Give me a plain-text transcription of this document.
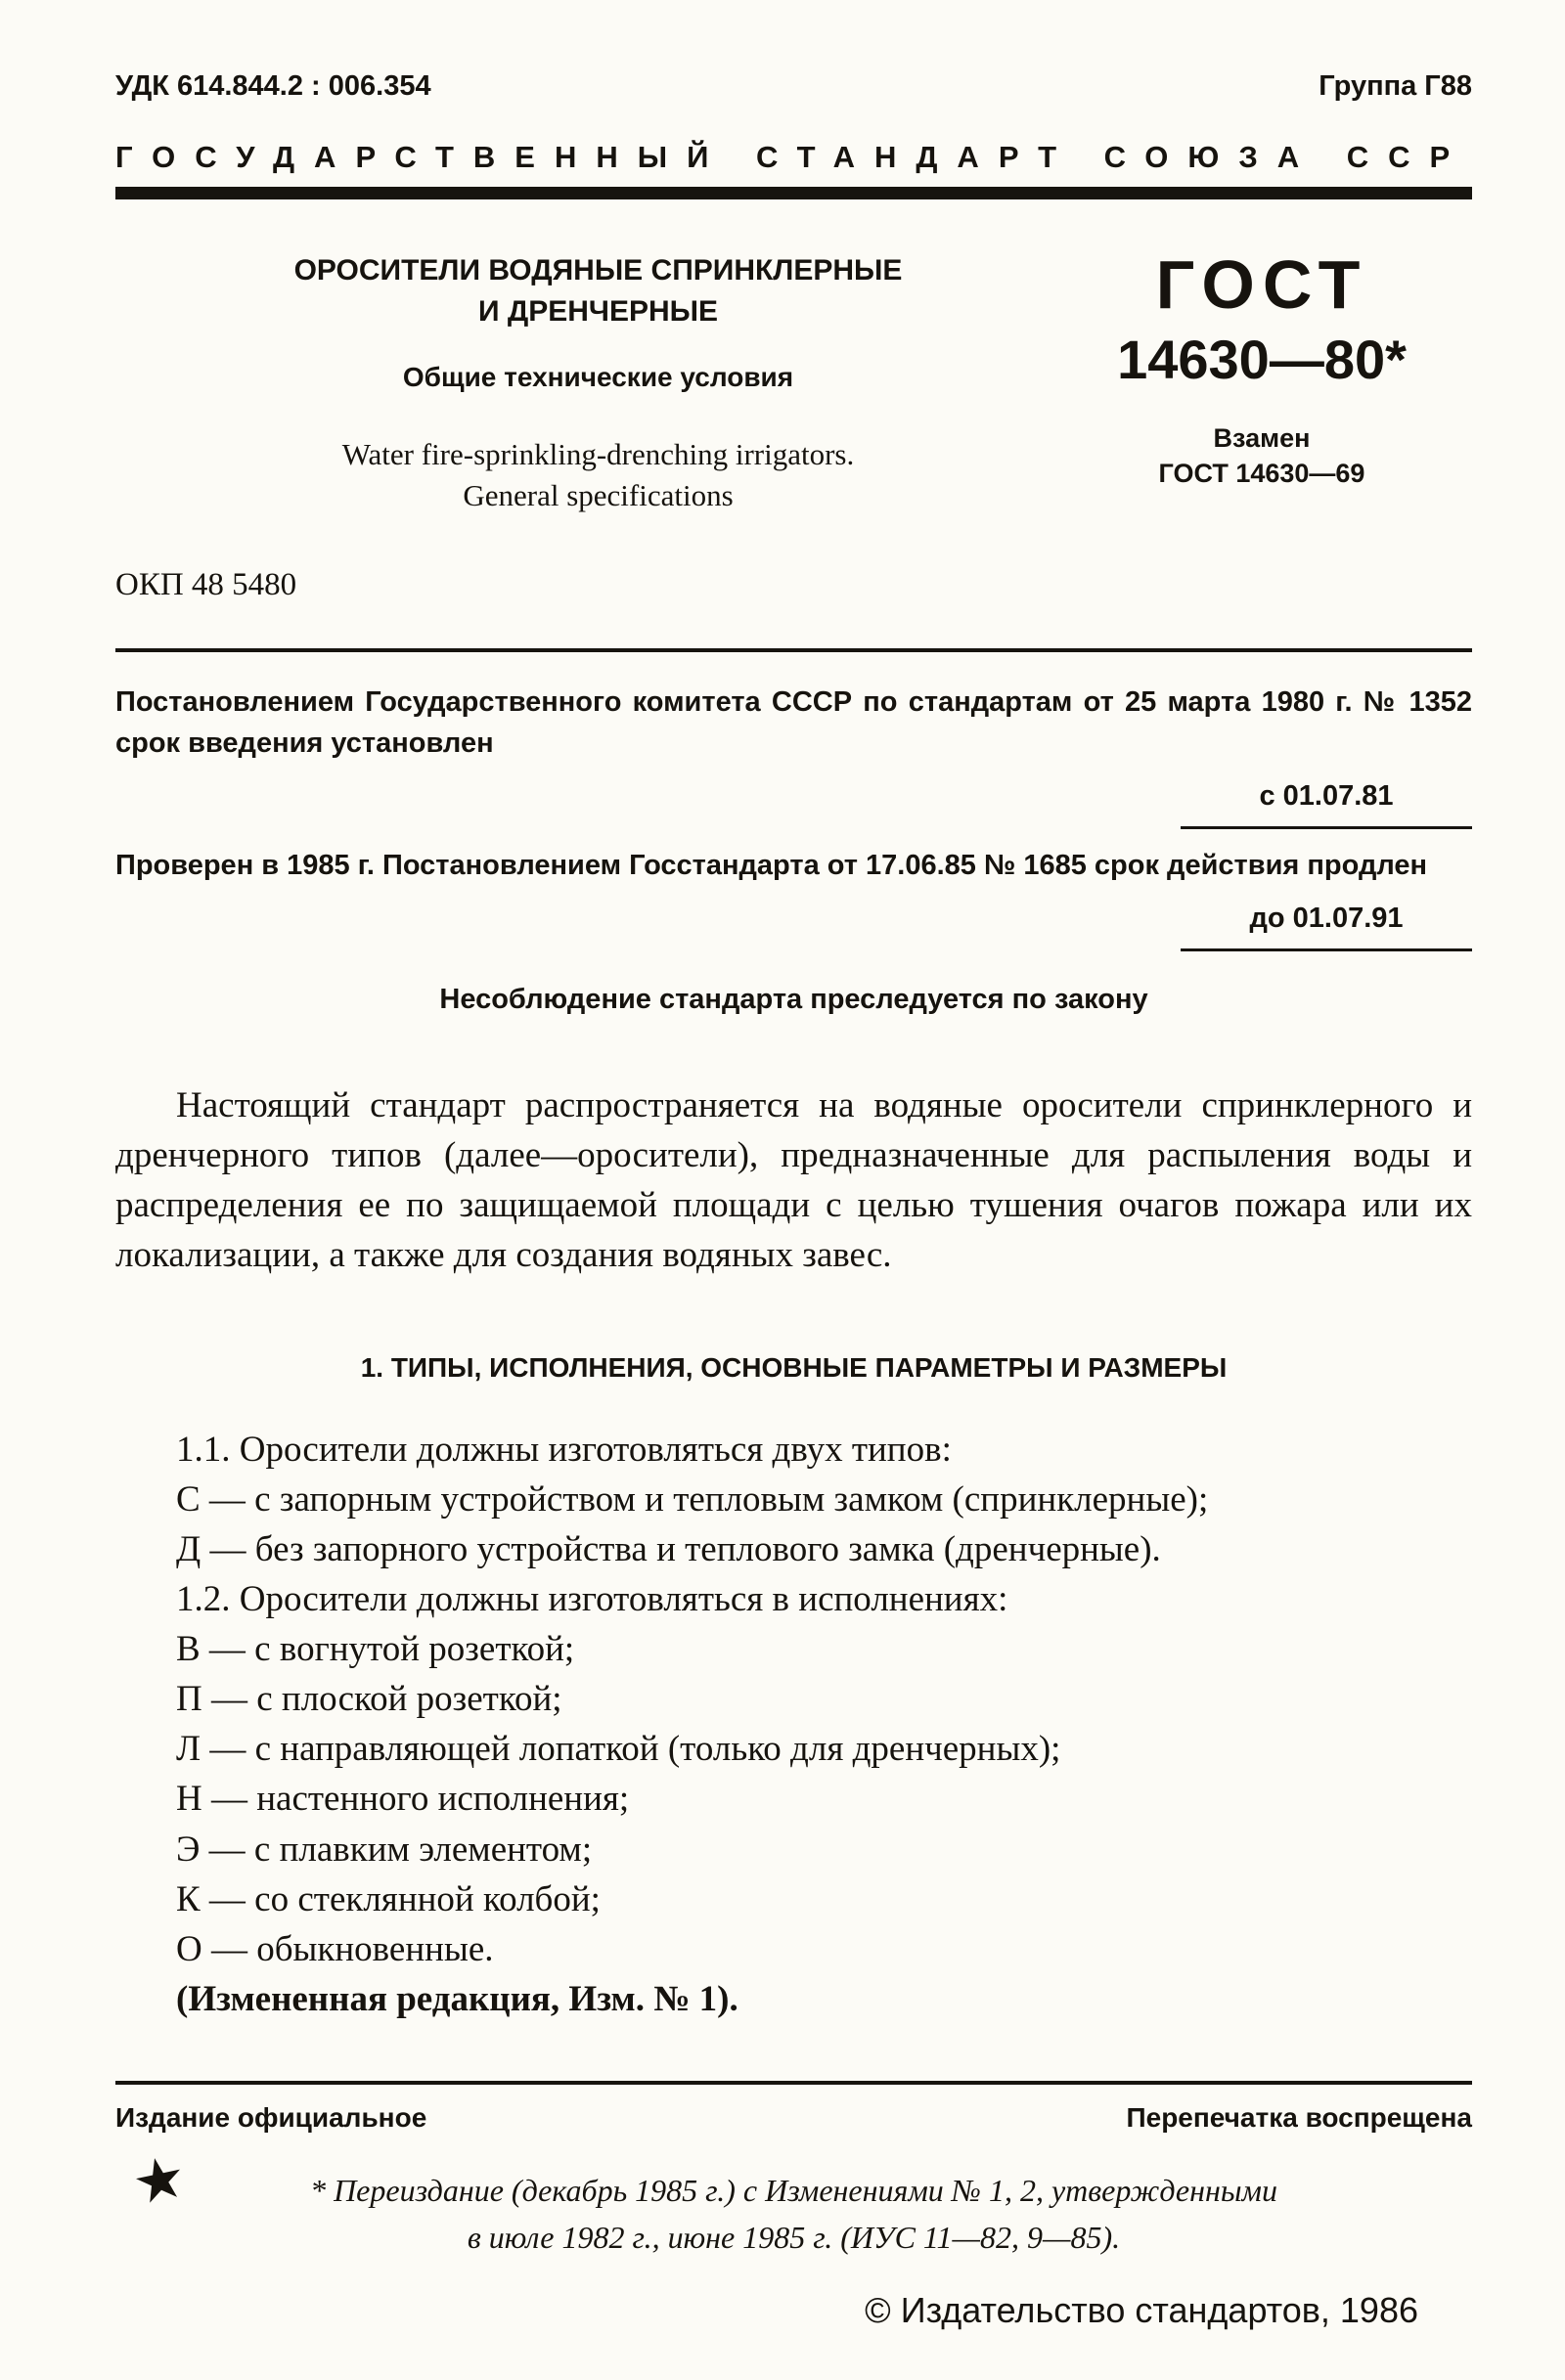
УДК 614.844.2 : 006.354	Группа Г88
ГОСУДАРСТВЕННЫЙ СТАНДАРТ СОЮЗА ССР
ОРОСИТЕЛИ ВОДЯНЫЕ СПРИНКЛЕРНЫЕ
И ДРЕНЧЕРНЫЕ
Общие технические условия
Water fire-sprinkling-drenching irrigators.
General specifications
ОКП 48 5480
ГОСТ
14630—80*
Взамен
ГОСТ 14630—69

Постановлением Государственного комитета СССР по стандартам от 25 марта 1980 г. № 1352 срок введения установлен

с 01.07.81

Проверен в 1985 г. Постановлением Госстандарта от 17.06.85 № 1685 срок действия продлен

до 01.07.91
Несоблюдение стандарта преследуется по закону

Настоящий стандарт распространяется на водяные оросители спринклерного и дренчерного типов (далее—оросители), предназначенные для распыления воды и распределения ее по защищаемой площади с целью тушения очагов пожара или их локализации, а также для создания водяных завес.

1. ТИПЫ, ИСПОЛНЕНИЯ, ОСНОВНЫЕ ПАРАМЕТРЫ И РАЗМЕРЫ

1.1. Оросители должны изготовляться двух типов:

С — с запорным устройством и тепловым замком (спринклерные);

Д — без запорного устройства и теплового замка (дренчерные).

1.2. Оросители должны изготовляться в исполнениях:

В — с вогнутой розеткой;

П — с плоской розеткой;

Л — с направляющей лопаткой (только для дренчерных);

Н — настенного исполнения;

Э — с плавким элементом;

К — со стеклянной колбой;

О — обыкновенные.

(Измененная редакция, Изм. № 1).

Издание официальное	Перепечатка воспрещена
★	* Переиздание (декабрь 1985 г.) с Изменениями № 1, 2, утвержденными
в июле 1982 г., июне 1985 г. (ИУС 11—82, 9—85).
© Издательство стандартов, 1986
